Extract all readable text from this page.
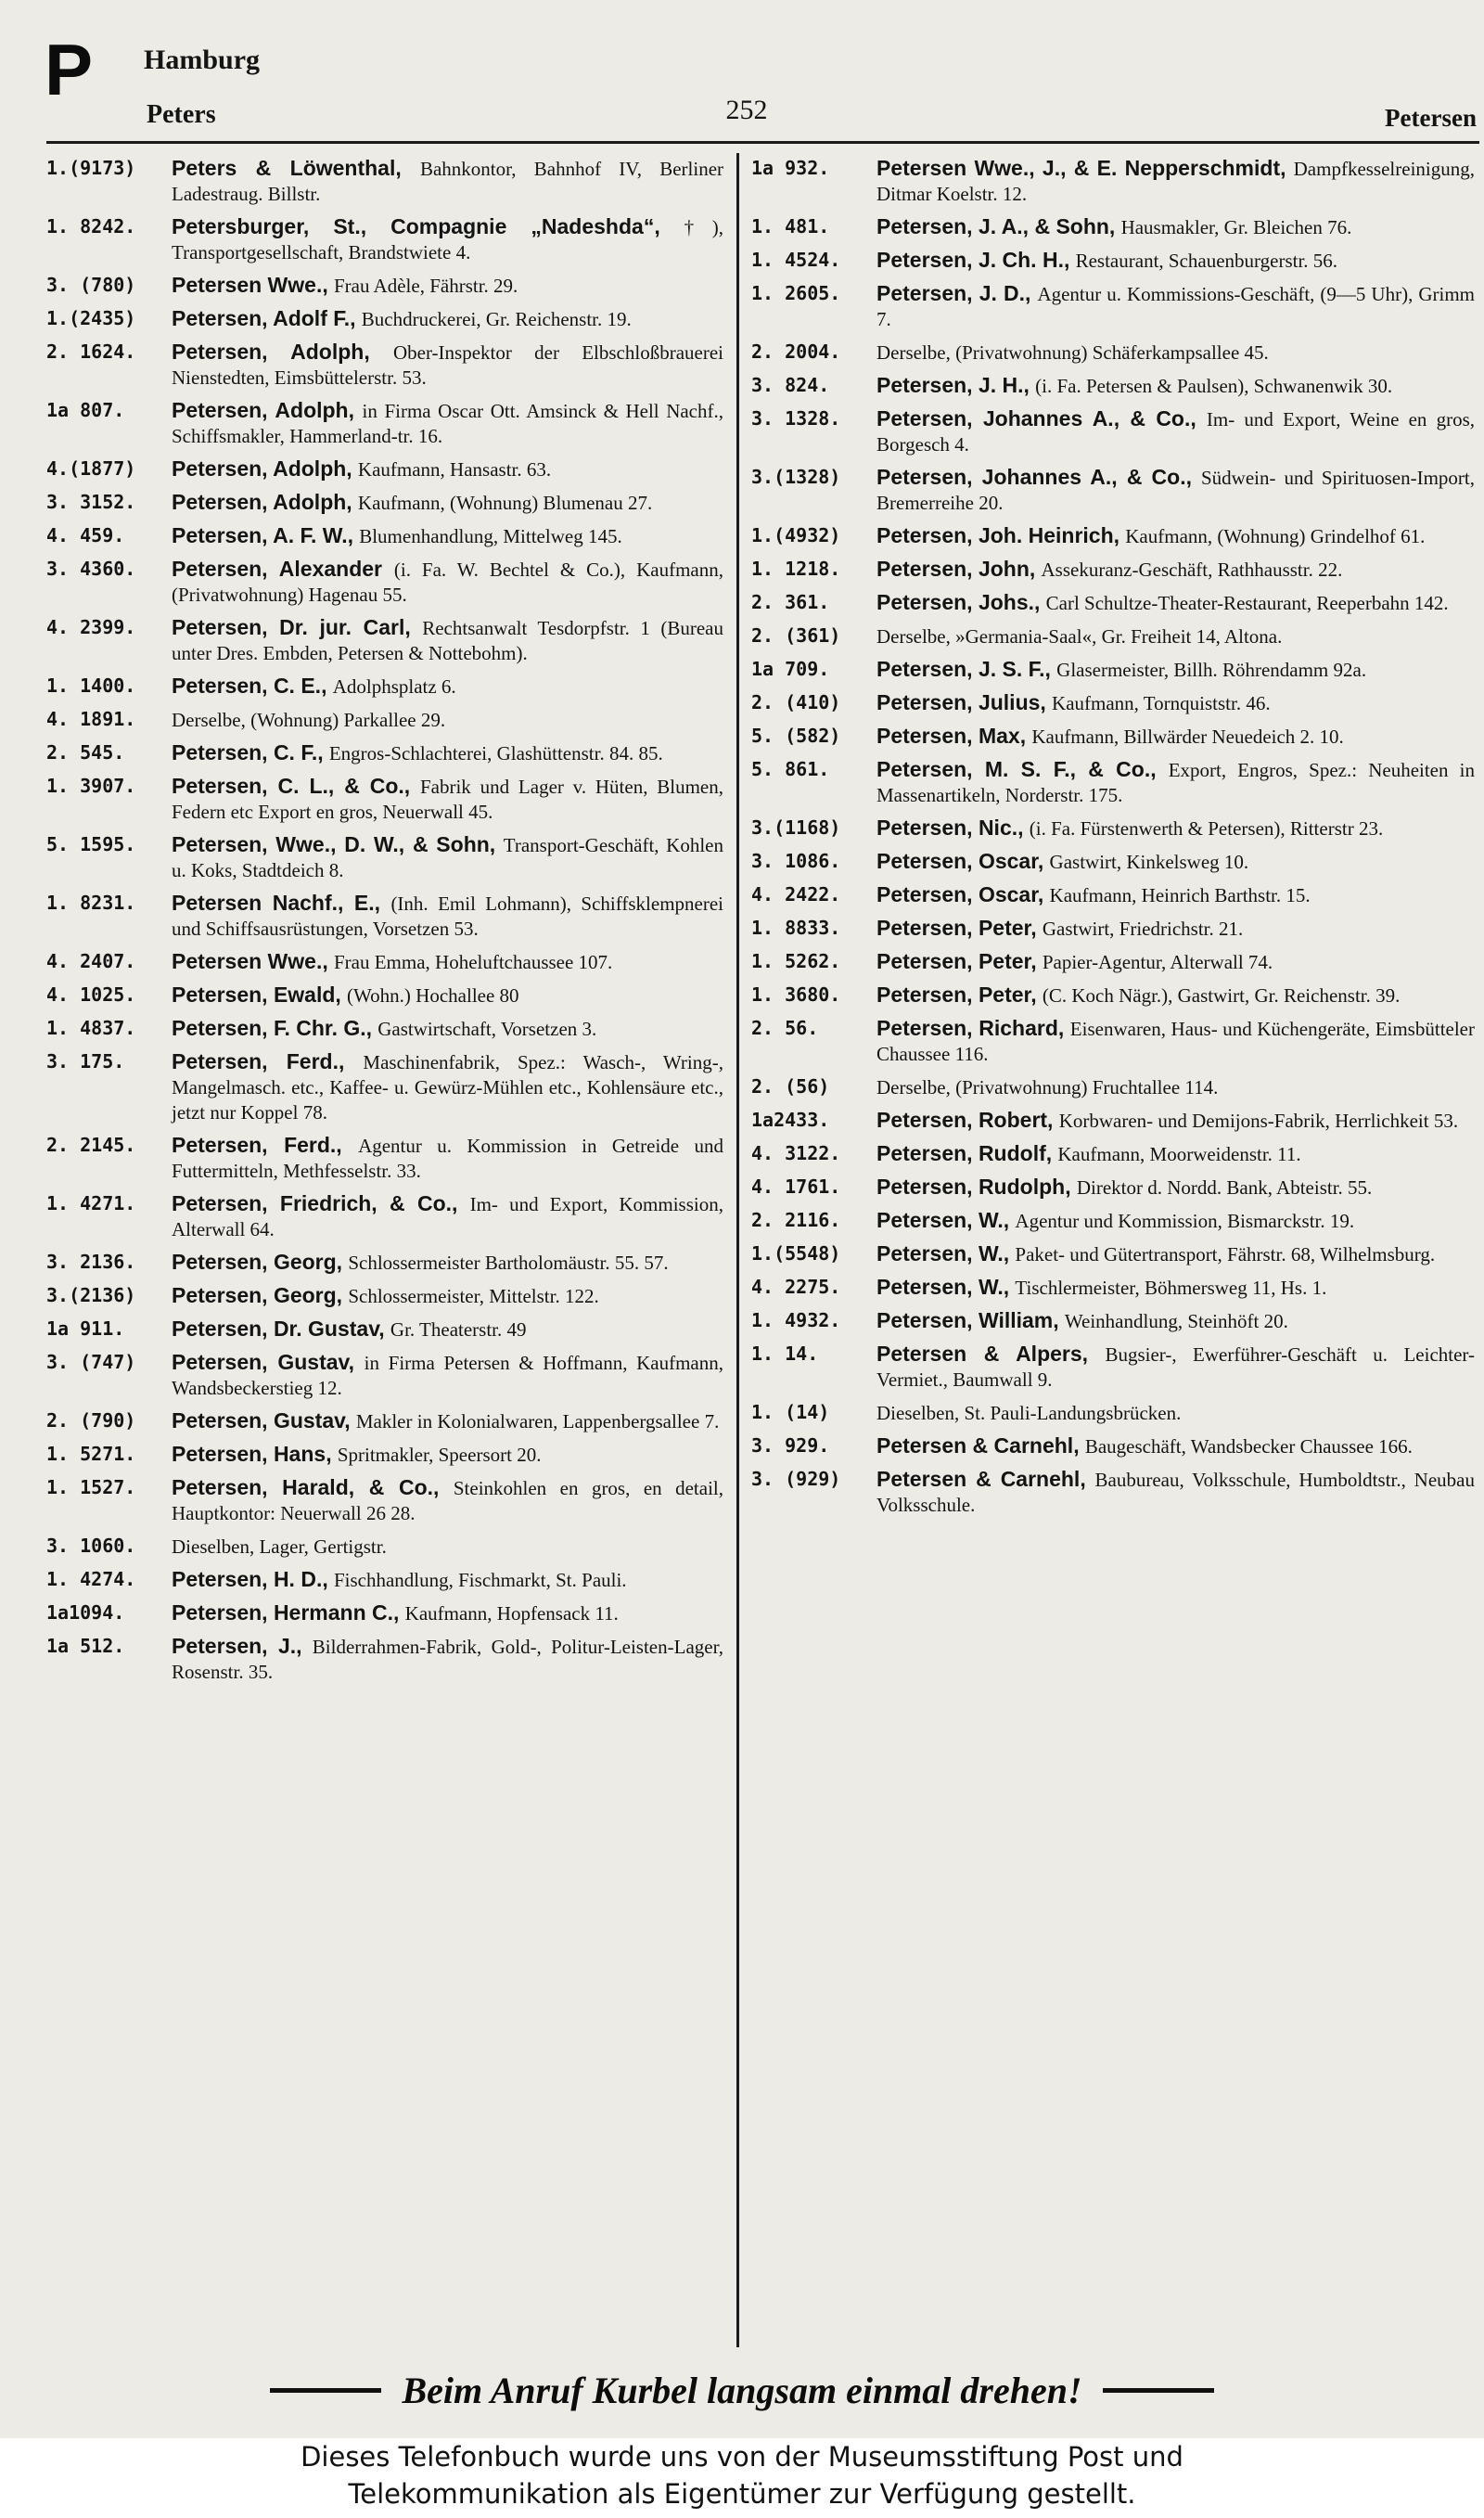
P Hamburg
Peters	252	Petersen
1.(9173)	Peters & Löwenthal, Bahnkontor, Bahnhof IV, Berliner Ladestraug. Billstr.
1. 8242.	Petersburger, St., Compagnie „Nadeshda“, †), Transportgesellschaft, Brandstwiete 4.
3. (780)	Petersen Wwe., Frau Adèle, Fährstr. 29.
1.(2435)	Petersen, Adolf F., Buchdruckerei, Gr. Reichenstr. 19.
2. 1624.	Petersen, Adolph, Ober-Inspektor der Elbschloßbrauerei Nienstedten, Eimsbüttelerstr. 53.
1a 807.	Petersen, Adolph, in Firma Oscar Ott. Amsinck & Hell Nachf., Schiffsmakler, Hammerland-tr. 16.
4.(1877)	Petersen, Adolph, Kaufmann, Hansastr. 63.
3. 3152.	Petersen, Adolph, Kaufmann, (Wohnung) Blumenau 27.
4. 459.	Petersen, A. F. W., Blumenhandlung, Mittelweg 145.
3. 4360.	Petersen, Alexander (i. Fa. W. Bechtel & Co.), Kaufmann, (Privatwohnung) Hagenau 55.
4. 2399.	Petersen, Dr. jur. Carl, Rechtsanwalt Tesdorpfstr. 1 (Bureau unter Dres. Embden, Petersen & Nottebohm).
1. 1400.	Petersen, C. E., Adolphsplatz 6.
4. 1891.	Derselbe, (Wohnung) Parkallee 29.
2. 545.	Petersen, C. F., Engros-Schlachterei, Glashüttenstr. 84. 85.
1. 3907.	Petersen, C. L., & Co., Fabrik und Lager v. Hüten, Blumen, Federn etc Export en gros, Neuerwall 45.
5. 1595.	Petersen, Wwe., D. W., & Sohn, Transport-Geschäft, Kohlen u. Koks, Stadtdeich 8.
1. 8231.	Petersen Nachf., E., (Inh. Emil Lohmann), Schiffsklempnerei und Schiffsausrüstungen, Vorsetzen 53.
4. 2407.	Petersen Wwe., Frau Emma, Hoheluftchaussee 107.
4. 1025.	Petersen, Ewald, (Wohn.) Hochallee 80
1. 4837.	Petersen, F. Chr. G., Gastwirtschaft, Vorsetzen 3.
3. 175.	Petersen, Ferd., Maschinenfabrik, Spez.: Wasch-, Wring-, Mangelmasch. etc., Kaffee- u. Gewürz-Mühlen etc., Kohlensäure etc., jetzt nur Koppel 78.
2. 2145.	Petersen, Ferd., Agentur u. Kommission in Getreide und Futtermitteln, Methfesselstr. 33.
1. 4271.	Petersen, Friedrich, & Co., Im- und Export, Kommission, Alterwall 64.
3. 2136.	Petersen, Georg, Schlossermeister Bartholomäustr. 55. 57.
3.(2136)	Petersen, Georg, Schlossermeister, Mittelstr. 122.
1a 911.	Petersen, Dr. Gustav, Gr. Theaterstr. 49
3. (747)	Petersen, Gustav, in Firma Petersen & Hoffmann, Kaufmann, Wandsbeckerstieg 12.
2. (790)	Petersen, Gustav, Makler in Kolonialwaren, Lappenbergsallee 7.
1. 5271.	Petersen, Hans, Spritmakler, Speersort 20.
1. 1527.	Petersen, Harald, & Co., Steinkohlen en gros, en detail, Hauptkontor: Neuerwall 26 28.
3. 1060.	Dieselben, Lager, Gertigstr.
1. 4274.	Petersen, H. D., Fischhandlung, Fischmarkt, St. Pauli.
1a1094.	Petersen, Hermann C., Kaufmann, Hopfensack 11.
1a 512.	Petersen, J., Bilderrahmen-Fabrik, Gold-, Politur-Leisten-Lager, Rosenstr. 35.
1a 932.	Petersen Wwe., J., & E. Nepperschmidt, Dampfkesselreinigung, Ditmar Koelstr. 12.
1. 481.	Petersen, J. A., & Sohn, Hausmakler, Gr. Bleichen 76.
1. 4524.	Petersen, J. Ch. H., Restaurant, Schauenburgerstr. 56.
1. 2605.	Petersen, J. D., Agentur u. Kommissions-Geschäft, (9—5 Uhr), Grimm 7.
2. 2004.	Derselbe, (Privatwohnung) Schäferkampsallee 45.
3. 824.	Petersen, J. H., (i. Fa. Petersen & Paulsen), Schwanenwik 30.
3. 1328.	Petersen, Johannes A., & Co., Im- und Export, Weine en gros, Borgesch 4.
3.(1328)	Petersen, Johannes A., & Co., Südwein- und Spirituosen-Import, Bremerreihe 20.
1.(4932)	Petersen, Joh. Heinrich, Kaufmann, (Wohnung) Grindelhof 61.
1. 1218.	Petersen, John, Assekuranz-Geschäft, Rathhausstr. 22.
2. 361.	Petersen, Johs., Carl Schultze-Theater-Restaurant, Reeperbahn 142.
2. (361)	Derselbe, »Germania-Saal«, Gr. Freiheit 14, Altona.
1a 709.	Petersen, J. S. F., Glasermeister, Billh. Röhrendamm 92a.
2. (410)	Petersen, Julius, Kaufmann, Tornquiststr. 46.
5. (582)	Petersen, Max, Kaufmann, Billwärder Neuedeich 2. 10.
5. 861.	Petersen, M. S. F., & Co., Export, Engros, Spez.: Neuheiten in Massenartikeln, Norderstr. 175.
3.(1168)	Petersen, Nic., (i. Fa. Fürstenwerth & Petersen), Ritterstr 23.
3. 1086.	Petersen, Oscar, Gastwirt, Kinkelsweg 10.
4. 2422.	Petersen, Oscar, Kaufmann, Heinrich Barthstr. 15.
1. 8833.	Petersen, Peter, Gastwirt, Friedrichstr. 21.
1. 5262.	Petersen, Peter, Papier-Agentur, Alterwall 74.
1. 3680.	Petersen, Peter, (C. Koch Nägr.), Gastwirt, Gr. Reichenstr. 39.
2. 56.	Petersen, Richard, Eisenwaren, Haus- und Küchengeräte, Eimsbütteler Chaussee 116.
2. (56)	Derselbe, (Privatwohnung) Fruchtallee 114.
1a2433.	Petersen, Robert, Korbwaren- und Demijons-Fabrik, Herrlichkeit 53.
4. 3122.	Petersen, Rudolf, Kaufmann, Moorweidenstr. 11.
4. 1761.	Petersen, Rudolph, Direktor d. Nordd. Bank, Abteistr. 55.
2. 2116.	Petersen, W., Agentur und Kommission, Bismarckstr. 19.
1.(5548)	Petersen, W., Paket- und Gütertransport, Fährstr. 68, Wilhelmsburg.
4. 2275.	Petersen, W., Tischlermeister, Böhmersweg 11, Hs. 1.
1. 4932.	Petersen, William, Weinhandlung, Steinhöft 20.
1. 14.	Petersen & Alpers, Bugsier-, Ewerführer-Geschäft u. Leichter-Vermiet., Baumwall 9.
1. (14)	Dieselben, St. Pauli-Landungsbrücken.
3. 929.	Petersen & Carnehl, Baugeschäft, Wandsbecker Chaussee 166.
3. (929)	Petersen & Carnehl, Baubureau, Volksschule, Humboldtstr., Neubau Volksschule.
Beim Anruf Kurbel langsam einmal drehen!
Dieses Telefonbuch wurde uns von der Museumsstiftung Post und
Telekommunikation als Eigentümer zur Verfügung gestellt.
